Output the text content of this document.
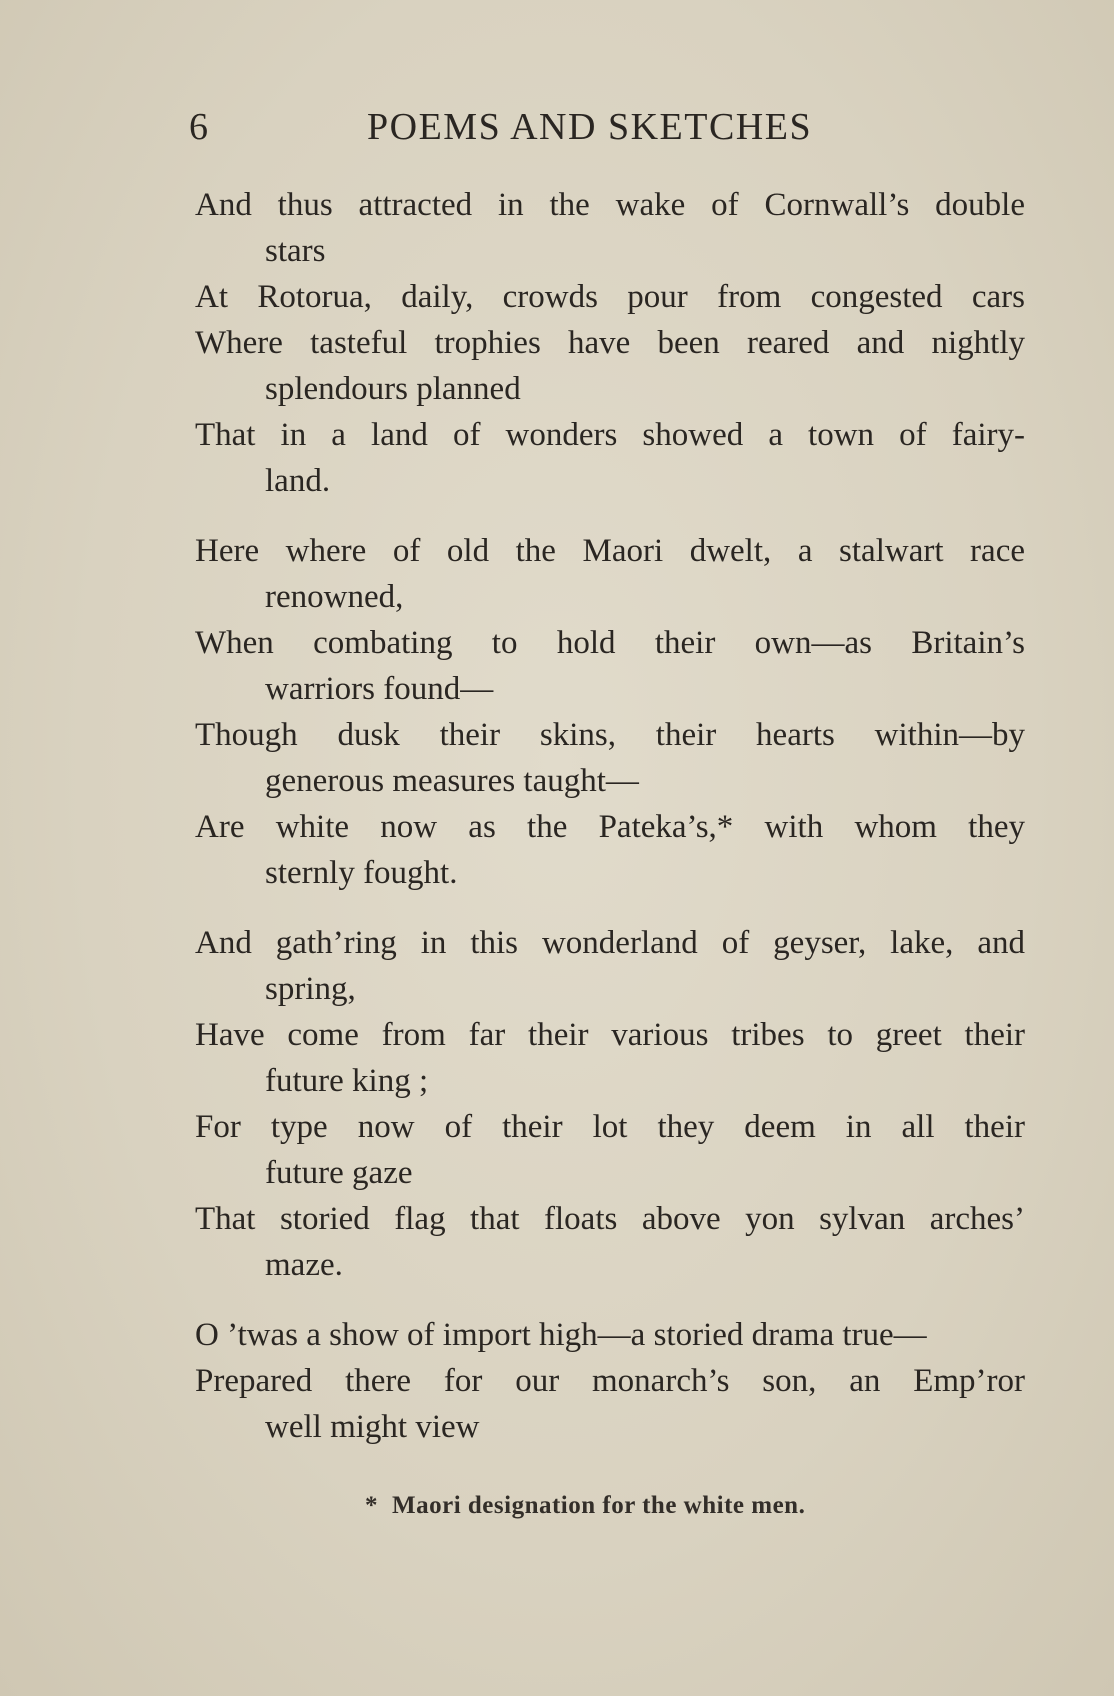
6	POEMS AND SKETCHES
And thus attracted in the wake of Cornwall’s double
stars
At Rotorua, daily, crowds pour from congested cars
Where tasteful trophies have been reared and nightly
splendours planned
That in a land of wonders showed a town of fairy-
land.
Here where of old the Maori dwelt, a stalwart race
renowned,
When combating to hold their own—as Britain’s
warriors found—
Though dusk their skins, their hearts within—by
generous measures taught—
Are white now as the Pateka’s,* with whom they
sternly fought.
And gath’ring in this wonderland of geyser, lake, and
spring,
Have come from far their various tribes to greet their
future king ;
For type now of their lot they deem in all their
future gaze
That storied flag that floats above yon sylvan arches’
maze.
O ’twas a show of import high—a storied drama true—
Prepared there for our monarch’s son, an Emp’ror
well might view
* Maori designation for the white men.
